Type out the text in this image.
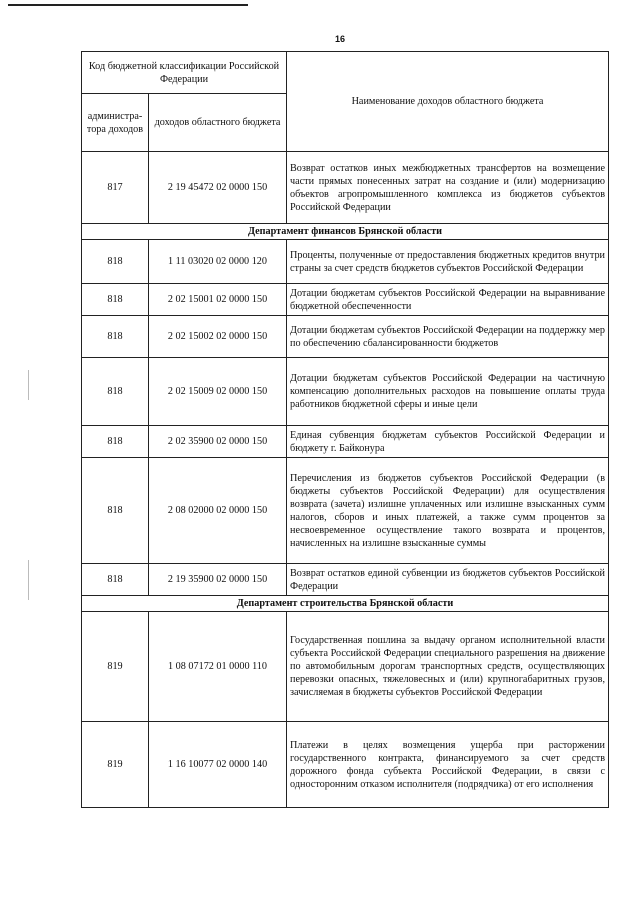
16
Код бюджетной классификации Российской Федерации		Наименование доходов областного бюджета
администра-тора доходов	доходов областного бюджета	
817	2 19 45472 02 0000 150	Возврат остатков иных межбюджетных трансфертов на возмещение части прямых понесенных затрат на создание и (или) модернизацию объектов агропромышленного комплекса из бюджетов субъектов Российской Федерации
Департамент финансов Брянской области		
818	1 11 03020 02 0000 120	Проценты, полученные от предоставления бюджетных кредитов внутри страны за счет средств бюджетов субъектов Российской Федерации
818	2 02 15001 02 0000 150	Дотации бюджетам субъектов Российской Федерации на выравнивание бюджетной обеспеченности
818	2 02 15002 02 0000 150	Дотации бюджетам субъектов Российской Федерации на поддержку мер по обеспечению сбалансированности бюджетов
818	2 02 15009 02 0000 150	Дотации бюджетам субъектов Российской Федерации на частичную компенсацию дополнительных расходов на повышение оплаты труда работников бюджетной сферы и иные цели
818	2 02 35900 02 0000 150	Единая субвенция бюджетам субъектов Российской Федерации и бюджету г. Байконура
818	2 08 02000 02 0000 150	Перечисления из бюджетов субъектов Российской Федерации (в бюджеты субъектов Российской Федерации) для осуществления возврата (зачета) излишне уплаченных или излишне взысканных сумм налогов, сборов и иных платежей, а также сумм процентов за несвоевременное осуществление такого возврата и процентов, начисленных на излишне взысканные суммы
818	2 19 35900 02 0000 150	Возврат остатков единой субвенции из бюджетов субъектов Российской Федерации
Департамент строительства Брянской области		
819	1 08 07172 01 0000 110	Государственная пошлина за выдачу органом исполнительной власти субъекта Российской Федерации специального разрешения на движение по автомобильным дорогам транспортных средств, осуществляющих перевозки опасных, тяжеловесных и (или) крупногабаритных грузов, зачисляемая в бюджеты субъектов Российской Федерации
819	1 16 10077 02 0000 140	Платежи в целях возмещения ущерба при расторжении государственного контракта, финансируемого за счет средств дорожного фонда субъекта Российской Федерации, в связи с односторонним отказом исполнителя (подрядчика) от его исполнения
